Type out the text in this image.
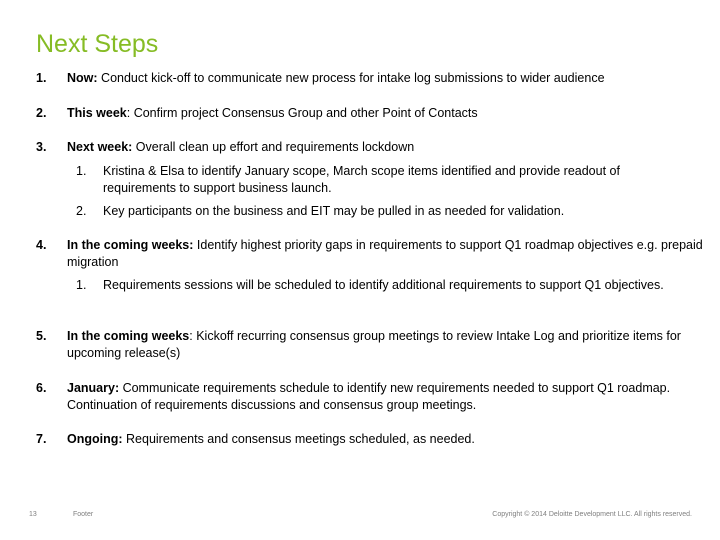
Next Steps
1.	Now: Conduct kick-off to communicate new process for intake log submissions to wider audience
2.	This week: Confirm project Consensus Group and other Point of Contacts
3.	Next week: Overall clean up effort and requirements lockdown
1.	Kristina & Elsa to identify January scope, March scope items identified and provide readout of requirements to support business launch.
2.	Key participants on the business and EIT may be pulled in as needed for validation.
4.	In the coming weeks: Identify highest priority gaps in requirements to support Q1 roadmap objectives e.g. prepaid migration
1.	Requirements sessions will be scheduled to identify additional requirements to support Q1 objectives.
5.	In the coming weeks: Kickoff recurring consensus group meetings to review Intake Log and prioritize items for upcoming release(s)
6.	January: Communicate requirements schedule to identify new requirements needed to support Q1 roadmap. Continuation of requirements discussions and consensus group meetings.
7.	Ongoing: Requirements and consensus meetings scheduled, as needed.
13	Footer	Copyright © 2014 Deloitte Development LLC. All rights reserved.
